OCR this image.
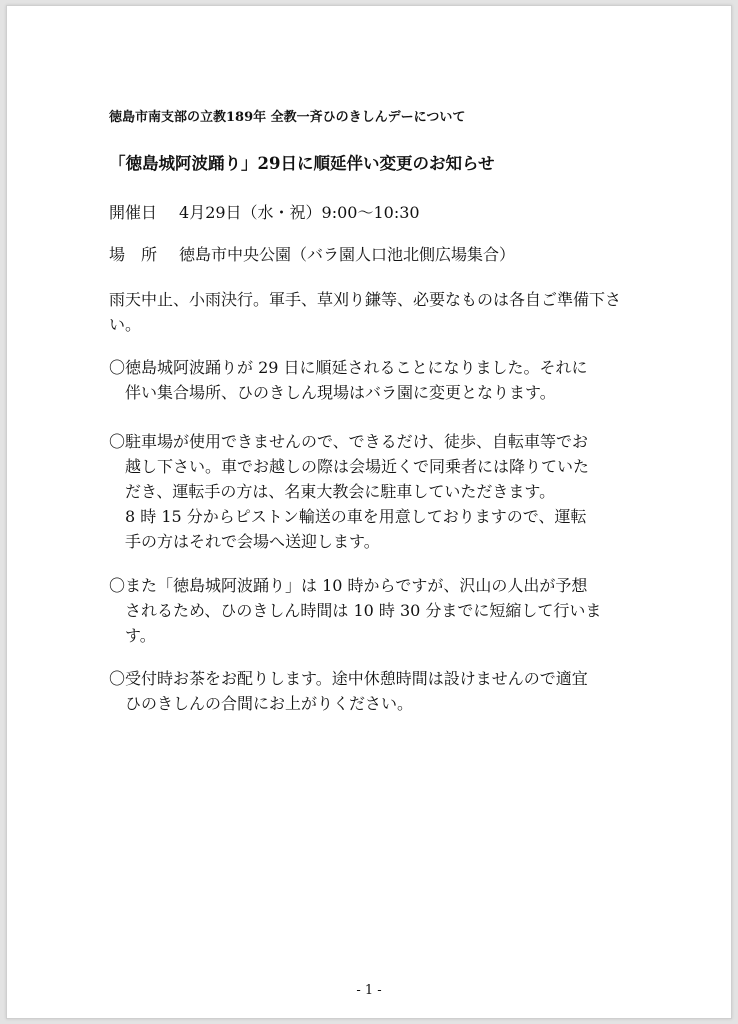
徳島市南支部の立教189年 全教一斉ひのきしんデーについて
「徳島城阿波踊り」29日に順延伴い変更のお知らせ
開催日 4月29日（水・祝）9:00〜10:30
場　所 徳島市中央公園（バラ園人口池北側広場集合）
雨天中止、小雨決行。軍手、草刈り鎌等、必要なものは各自ご準備下さい。
〇徳島城阿波踊りが 29 日に順延されることになりました。それに
伴い集合場所、ひのきしん現場はバラ園に変更となります。
〇駐車場が使用できませんので、できるだけ、徒歩、自転車等でお
越し下さい。車でお越しの際は会場近くで同乗者には降りていた
だき、運転手の方は、名東大教会に駐車していただきます。
8 時 15 分からピストン輸送の車を用意しておりますので、運転
手の方はそれで会場へ送迎します。
〇また「徳島城阿波踊り」は 10 時からですが、沢山の人出が予想
されるため、ひのきしん時間は 10 時 30 分までに短縮して行いま
す。
〇受付時お茶をお配りします。途中休憩時間は設けませんので適宜
ひのきしんの合間にお上がりください。
- 1 -
